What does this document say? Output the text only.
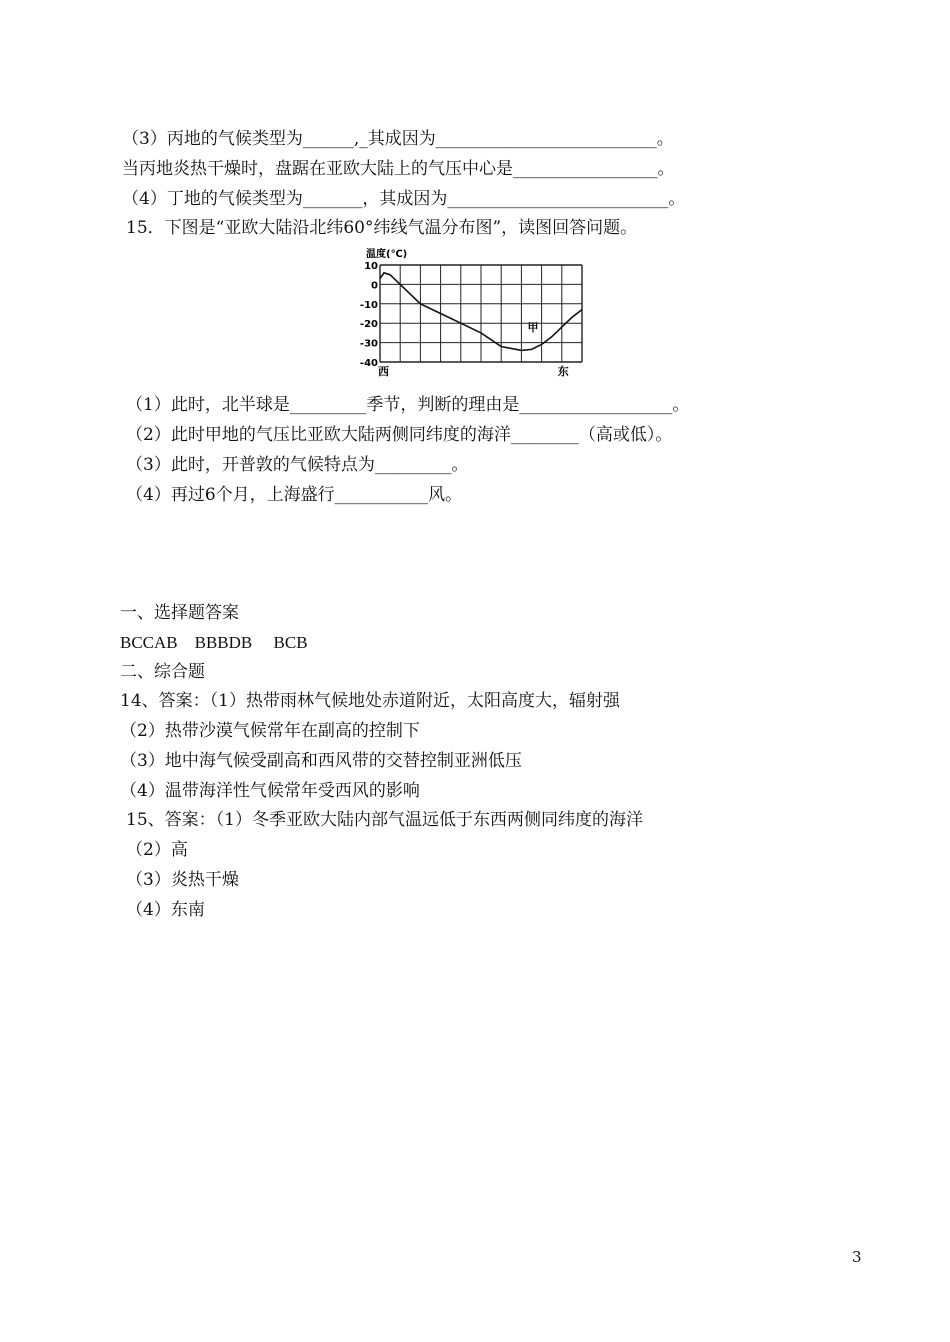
（3）丙地的气候类型为______,_其成因为__________________________。
当丙地炎热干燥时，盘踞在亚欧大陆上的气压中心是_________________。
（4）丁地的气候类型为_______，其成因为__________________________。
15．下图是“亚欧大陆沿北纬60°纬线气温分布图”，读图回答问题。
温度(℃)
10
0
-10
-20
-30
-40
甲
西	东
（1）此时，北半球是_________季节，判断的理由是__________________。
（2）此时甲地的气压比亚欧大陆两侧同纬度的海洋________（高或低）。
（3）此时，开普敦的气候特点为_________。
（4）再过6个月，上海盛行___________风。
一、选择题答案
BCCAB    BBBDB     BCB
二、综合题
14、答案：（1）热带雨林气候地处赤道附近，太阳高度大，辐射强
（2）热带沙漠气候常年在副高的控制下
（3）地中海气候受副高和西风带的交替控制亚洲低压
（4）温带海洋性气候常年受西风的影响
15、答案：（1）冬季亚欧大陆内部气温远低于东西两侧同纬度的海洋
（2）高
（3）炎热干燥
（4）东南
3
